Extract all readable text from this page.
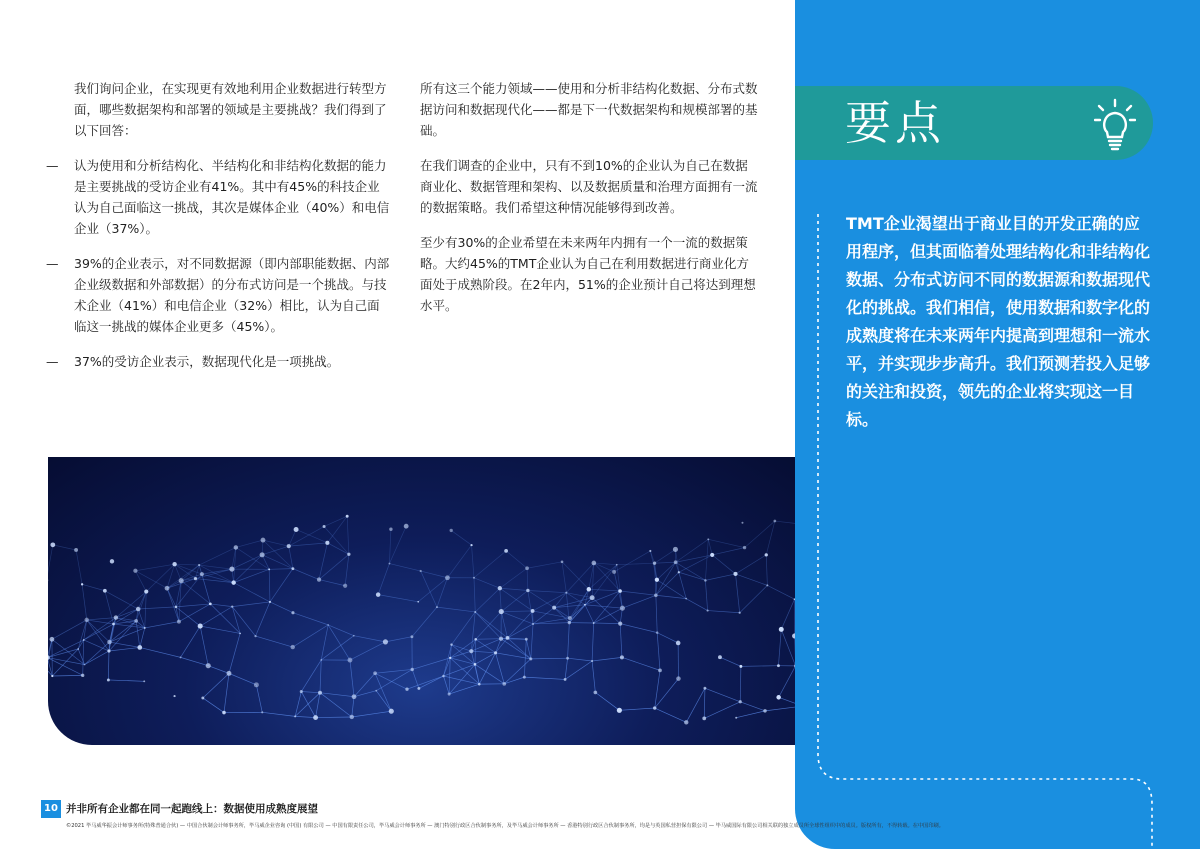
我们询问企业，在实现更有效地利用企业数据进行转型方面，哪些数据架构和部署的领域是主要挑战？我们得到了以下回答：

— 认为使用和分析结构化、半结构化和非结构化数据的能力是主要挑战的受访企业有41%。其中有45%的科技企业认为自己面临这一挑战，其次是媒体企业（40%）和电信企业（37%）。

— 39%的企业表示，对不同数据源（即内部职能数据、内部企业级数据和外部数据）的分布式访问是一个挑战。与技术企业（41%）和电信企业（32%）相比，认为自己面临这一挑战的媒体企业更多（45%）。

— 37%的受访企业表示，数据现代化是一项挑战。

所有这三个能力领域——使用和分析非结构化数据、分布式数据访问和数据现代化——都是下一代数据架构和规模部署的基础。

在我们调查的企业中，只有不到10%的企业认为自己在数据商业化、数据管理和架构、以及数据质量和治理方面拥有一流的数据策略。我们希望这种情况能够得到改善。

至少有30%的企业希望在未来两年内拥有一个一流的数据策略。大约45%的TMT企业认为自己在利用数据进行商业化方面处于成熟阶段。在2年内，51%的企业预计自己将达到理想水平。

要点
TMT企业渴望出于商业目的开发正确的应用程序，但其面临着处理结构化和非结构化数据、分布式访问不同的数据源和数据现代化的挑战。我们相信，使用数据和数字化的成熟度将在未来两年内提高到理想和一流水平，并实现步步高升。我们预测若投入足够的关注和投资，领先的企业将实现这一目标。
10 并非所有企业都在同一起跑线上：数据使用成熟度展望
©2021 毕马威华振会计师事务所(特殊普通合伙) — 中国合伙制会计师事务所，毕马威企业咨询 (中国) 有限公司 — 中国有限责任公司，毕马威会计师事务所 — 澳门特别行政区合伙制事务所，及毕马威会计师事务所 — 香港特别行政区合伙制事务所，均是与英国私营担保有限公司 — 毕马威国际有限公司相关联的独立成员所全球性组织中的成员。版权所有，不得转载。在中国印刷。
